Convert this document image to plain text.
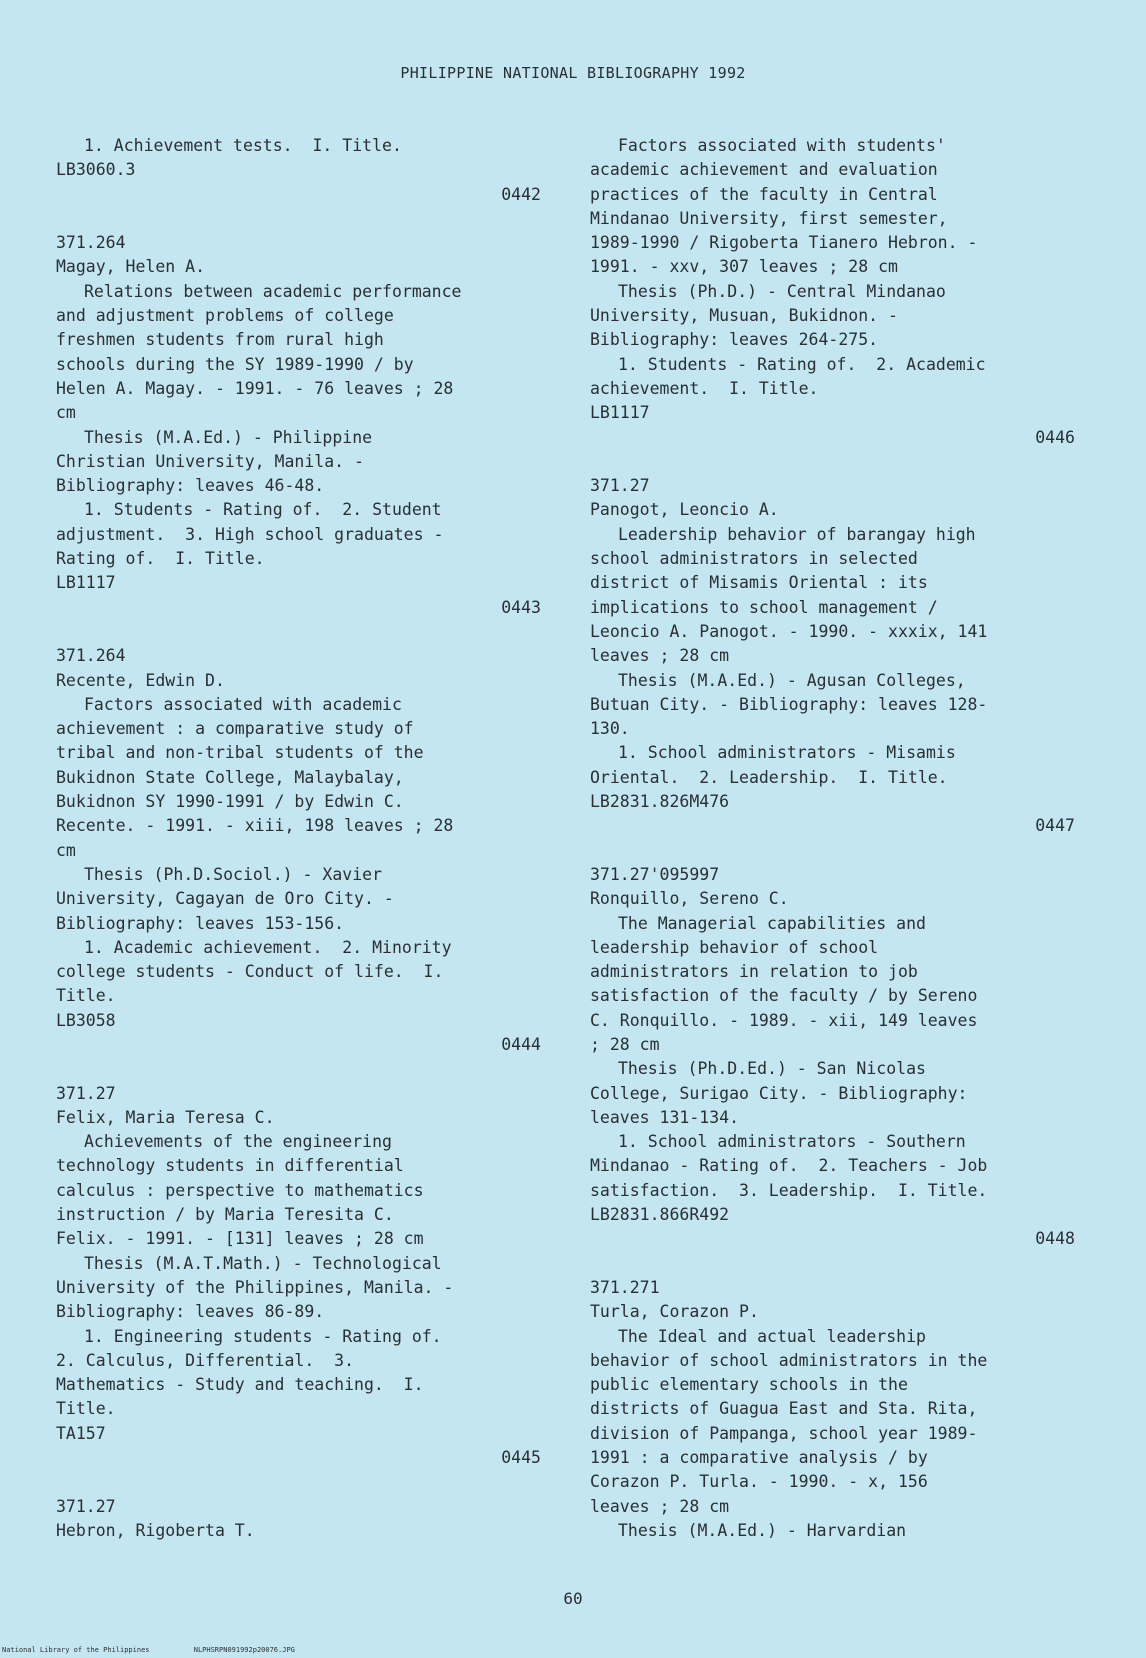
PHILIPPINE NATIONAL BIBLIOGRAPHY 1992

1. Achievement tests.  I. Title.

LB3060.3

0442

371.264

Magay, Helen A.

Relations between academic performance

and adjustment problems of college

freshmen students from rural high

schools during the SY 1989-1990 / by

Helen A. Magay. - 1991. - 76 leaves ; 28

cm

Thesis (M.A.Ed.) - Philippine

Christian University, Manila. -

Bibliography: leaves 46-48.

1. Students - Rating of.  2. Student

adjustment.  3. High school graduates -

Rating of.  I. Title.

LB1117

0443

371.264

Recente, Edwin D.

Factors associated with academic

achievement : a comparative study of

tribal and non-tribal students of the

Bukidnon State College, Malaybalay,

Bukidnon SY 1990-1991 / by Edwin C.

Recente. - 1991. - xiii, 198 leaves ; 28

cm

Thesis (Ph.D.Sociol.) - Xavier

University, Cagayan de Oro City. -

Bibliography: leaves 153-156.

1. Academic achievement.  2. Minority

college students - Conduct of life.  I.

Title.

LB3058

0444

371.27

Felix, Maria Teresa C.

Achievements of the engineering

technology students in differential

calculus : perspective to mathematics

instruction / by Maria Teresita C.

Felix. - 1991. - [131] leaves ; 28 cm

Thesis (M.A.T.Math.) - Technological

University of the Philippines, Manila. -

Bibliography: leaves 86-89.

1. Engineering students - Rating of.

2. Calculus, Differential.  3.

Mathematics - Study and teaching.  I.

Title.

TA157

0445

371.27

Hebron, Rigoberta T.

Factors associated with students'

academic achievement and evaluation

practices of the faculty in Central

Mindanao University, first semester,

1989-1990 / Rigoberta Tianero Hebron. -

1991. - xxv, 307 leaves ; 28 cm

Thesis (Ph.D.) - Central Mindanao

University, Musuan, Bukidnon. -

Bibliography: leaves 264-275.

1. Students - Rating of.  2. Academic

achievement.  I. Title.

LB1117

0446

371.27

Panogot, Leoncio A.

Leadership behavior of barangay high

school administrators in selected

district of Misamis Oriental : its

implications to school management /

Leoncio A. Panogot. - 1990. - xxxix, 141

leaves ; 28 cm

Thesis (M.A.Ed.) - Agusan Colleges,

Butuan City. - Bibliography: leaves 128-

130.

1. School administrators - Misamis

Oriental.  2. Leadership.  I. Title.

LB2831.826M476

0447

371.27'095997

Ronquillo, Sereno C.

The Managerial capabilities and

leadership behavior of school

administrators in relation to job

satisfaction of the faculty / by Sereno

C. Ronquillo. - 1989. - xii, 149 leaves

; 28 cm

Thesis (Ph.D.Ed.) - San Nicolas

College, Surigao City. - Bibliography:

leaves 131-134.

1. School administrators - Southern

Mindanao - Rating of.  2. Teachers - Job

satisfaction.  3. Leadership.  I. Title.

LB2831.866R492

0448

371.271

Turla, Corazon P.

The Ideal and actual leadership

behavior of school administrators in the

public elementary schools in the

districts of Guagua East and Sta. Rita,

division of Pampanga, school year 1989-

1991 : a comparative analysis / by

Corazon P. Turla. - 1990. - x, 156

leaves ; 28 cm

Thesis (M.A.Ed.) - Harvardian

60
National Library of the Philippines	NLPHSRPN091992p20076.JPG
